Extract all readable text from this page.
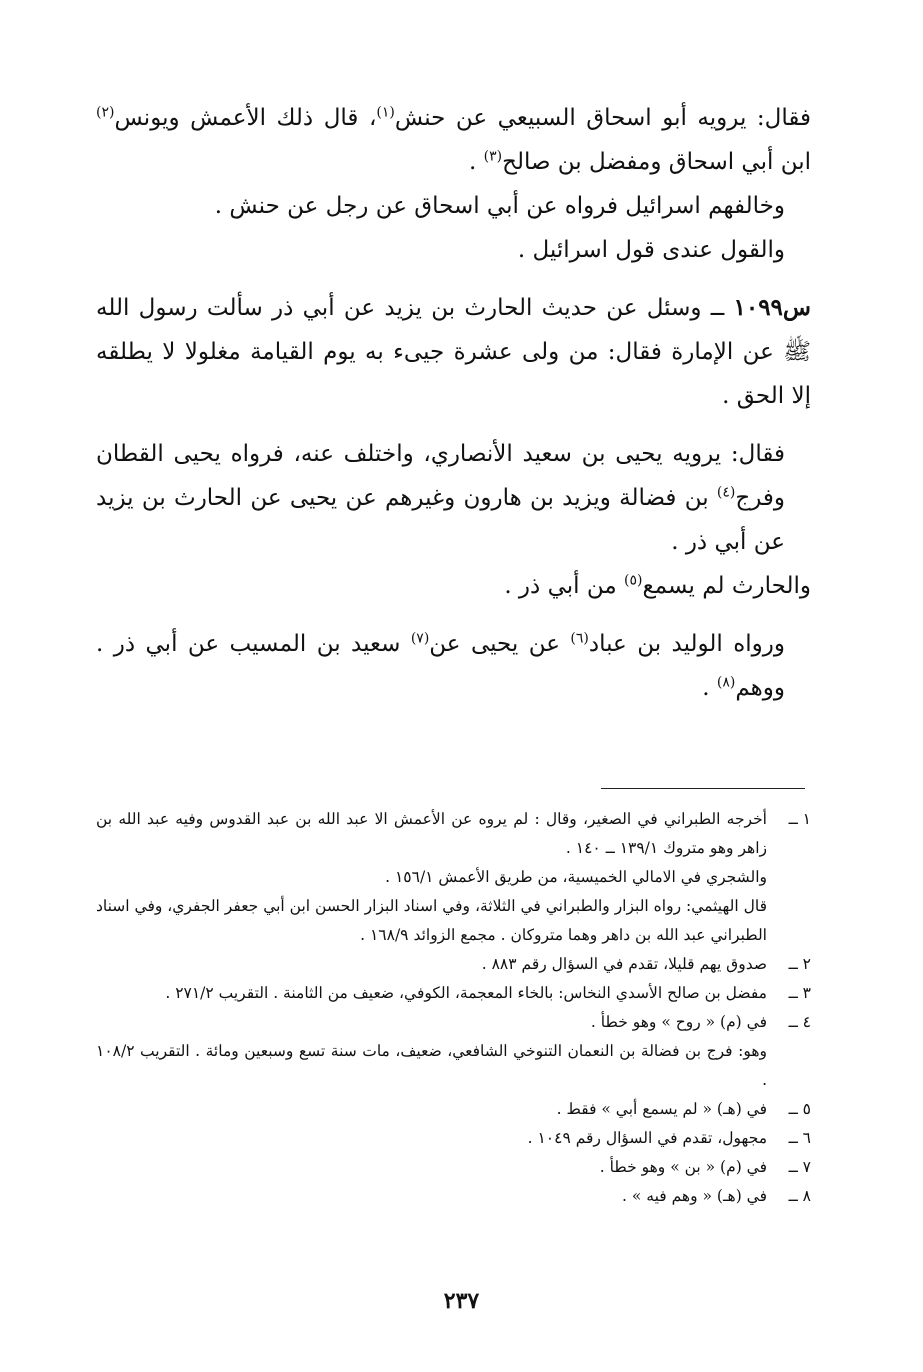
فقال: يرويه أبو اسحاق السبيعي عن حنش$^{(١)}$، قال ذلك الأعمش ويونس$^{(٢)}$ ابن أبي اسحاق ومفضل بن صالح$^{(٣)}$ .

وخالفهم اسرائيل فرواه عن أبي اسحاق عن رجل عن حنش .

والقول عندى قول اسرائيل .

س١٠٩٩ ــ وسئل عن حديث الحارث بن يزيد عن أبي ذر سألت رسول الله ﷺ عن الإمارة فقال: من ولى عشرة جيىء به يوم القيامة مغلولا لا يطلقه إلا الحق .

فقال: يرويه يحيى بن سعيد الأنصاري، واختلف عنه، فرواه يحيى القطان وفرج$^{(٤)}$ بن فضالة ويزيد بن هارون وغيرهم عن يحيى عن الحارث بن يزيد عن أبي ذر .

والحارث لم يسمع$^{(٥)}$ من أبي ذر .

ورواه الوليد بن عباد$^{(٦)}$ عن يحيى عن$^{(٧)}$ سعيد بن المسيب عن أبي ذر . ووهم$^{(٨)}$ .

١ ــ
أخرجه الطبراني في الصغير، وقال : لم يروه عن الأعمش الا عبد الله بن عبد القدوس وفيه عبد الله بن زاهر وهو متروك ١٣٩/١ ــ ١٤٠ .
والشجري في الامالي الخميسية، من طريق الأعمش ١٥٦/١ .
قال الهيثمي: رواه البزار والطبراني في الثلاثة، وفي اسناد البزار الحسن ابن أبي جعفر الجفري، وفي اسناد الطبراني عبد الله بن داهر وهما متروكان . مجمع الزوائد ١٦٨/٩ .
٢ ــ
صدوق يهم قليلا، تقدم في السؤال رقم ٨٨٣ .
٣ ــ
مفضل بن صالح الأسدي النخاس: بالخاء المعجمة، الكوفي، ضعيف من الثامنة . التقريب ٢٧١/٢ .
٤ ــ
في (م) « روح » وهو خطأ .
وهو: فرج بن فضالة بن النعمان التنوخي الشافعي، ضعيف، مات سنة تسع وسبعين ومائة . التقريب ١٠٨/٢ .
٥ ــ
في (هـ) « لم يسمع أبي » فقط .
٦ ــ
مجهول، تقدم في السؤال رقم ١٠٤٩ .
٧ ــ
في (م) « بن » وهو خطأ .
٨ ــ
في (هـ) « وهم فيه » .
٢٣٧
